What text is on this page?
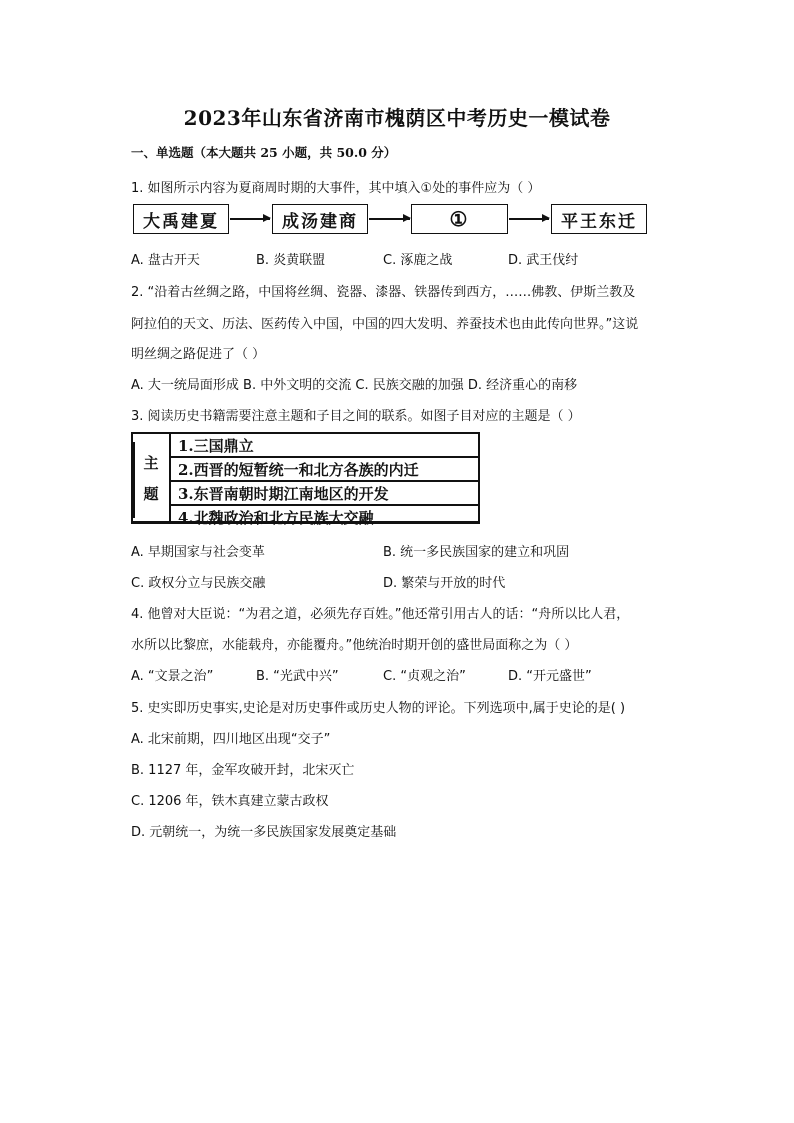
2023年山东省济南市槐荫区中考历史一模试卷
一、单选题（本大题共 25 小题，共 50.0 分）
1. 如图所示内容为夏商周时期的大事件，其中填入①处的事件应为（ ）
大禹建夏	成汤建商	①	平王东迁
A. 盘古开天	B. 炎黄联盟	C. 涿鹿之战	D. 武王伐纣
2. “沿着古丝绸之路，中国将丝绸、瓷器、漆器、铁器传到西方，……佛教、伊斯兰教及
阿拉伯的天文、历法、医药传入中国，中国的四大发明、养蚕技术也由此传向世界。”这说
明丝绸之路促进了（ ）
A. 大一统局面形成 B. 中外文明的交流 C. 民族交融的加强 D. 经济重心的南移
3. 阅读历史书籍需要注意主题和子目之间的联系。如图子目对应的主题是（ ）
主
题
1.三国鼎立
2.西晋的短暂统一和北方各族的内迁
3.东晋南朝时期江南地区的开发
4.北魏政治和北方民族大交融
A. 早期国家与社会变革	B. 统一多民族国家的建立和巩固
C. 政权分立与民族交融	D. 繁荣与开放的时代
4. 他曾对大臣说：“为君之道，必须先存百姓。”他还常引用古人的话：“舟所以比人君，
水所以比黎庶，水能载舟，亦能覆舟。”他统治时期开创的盛世局面称之为（ ）
A. “文景之治”	B. “光武中兴”	C. “贞观之治”	D. “开元盛世”
5. 史实即历史事实,史论是对历史事件或历史人物的评论。下列选项中,属于史论的是( )
A. 北宋前期，四川地区出现“交子”
B. 1127 年，金军攻破开封，北宋灭亡
C. 1206 年，铁木真建立蒙古政权
D. 元朝统一，为统一多民族国家发展奠定基础
